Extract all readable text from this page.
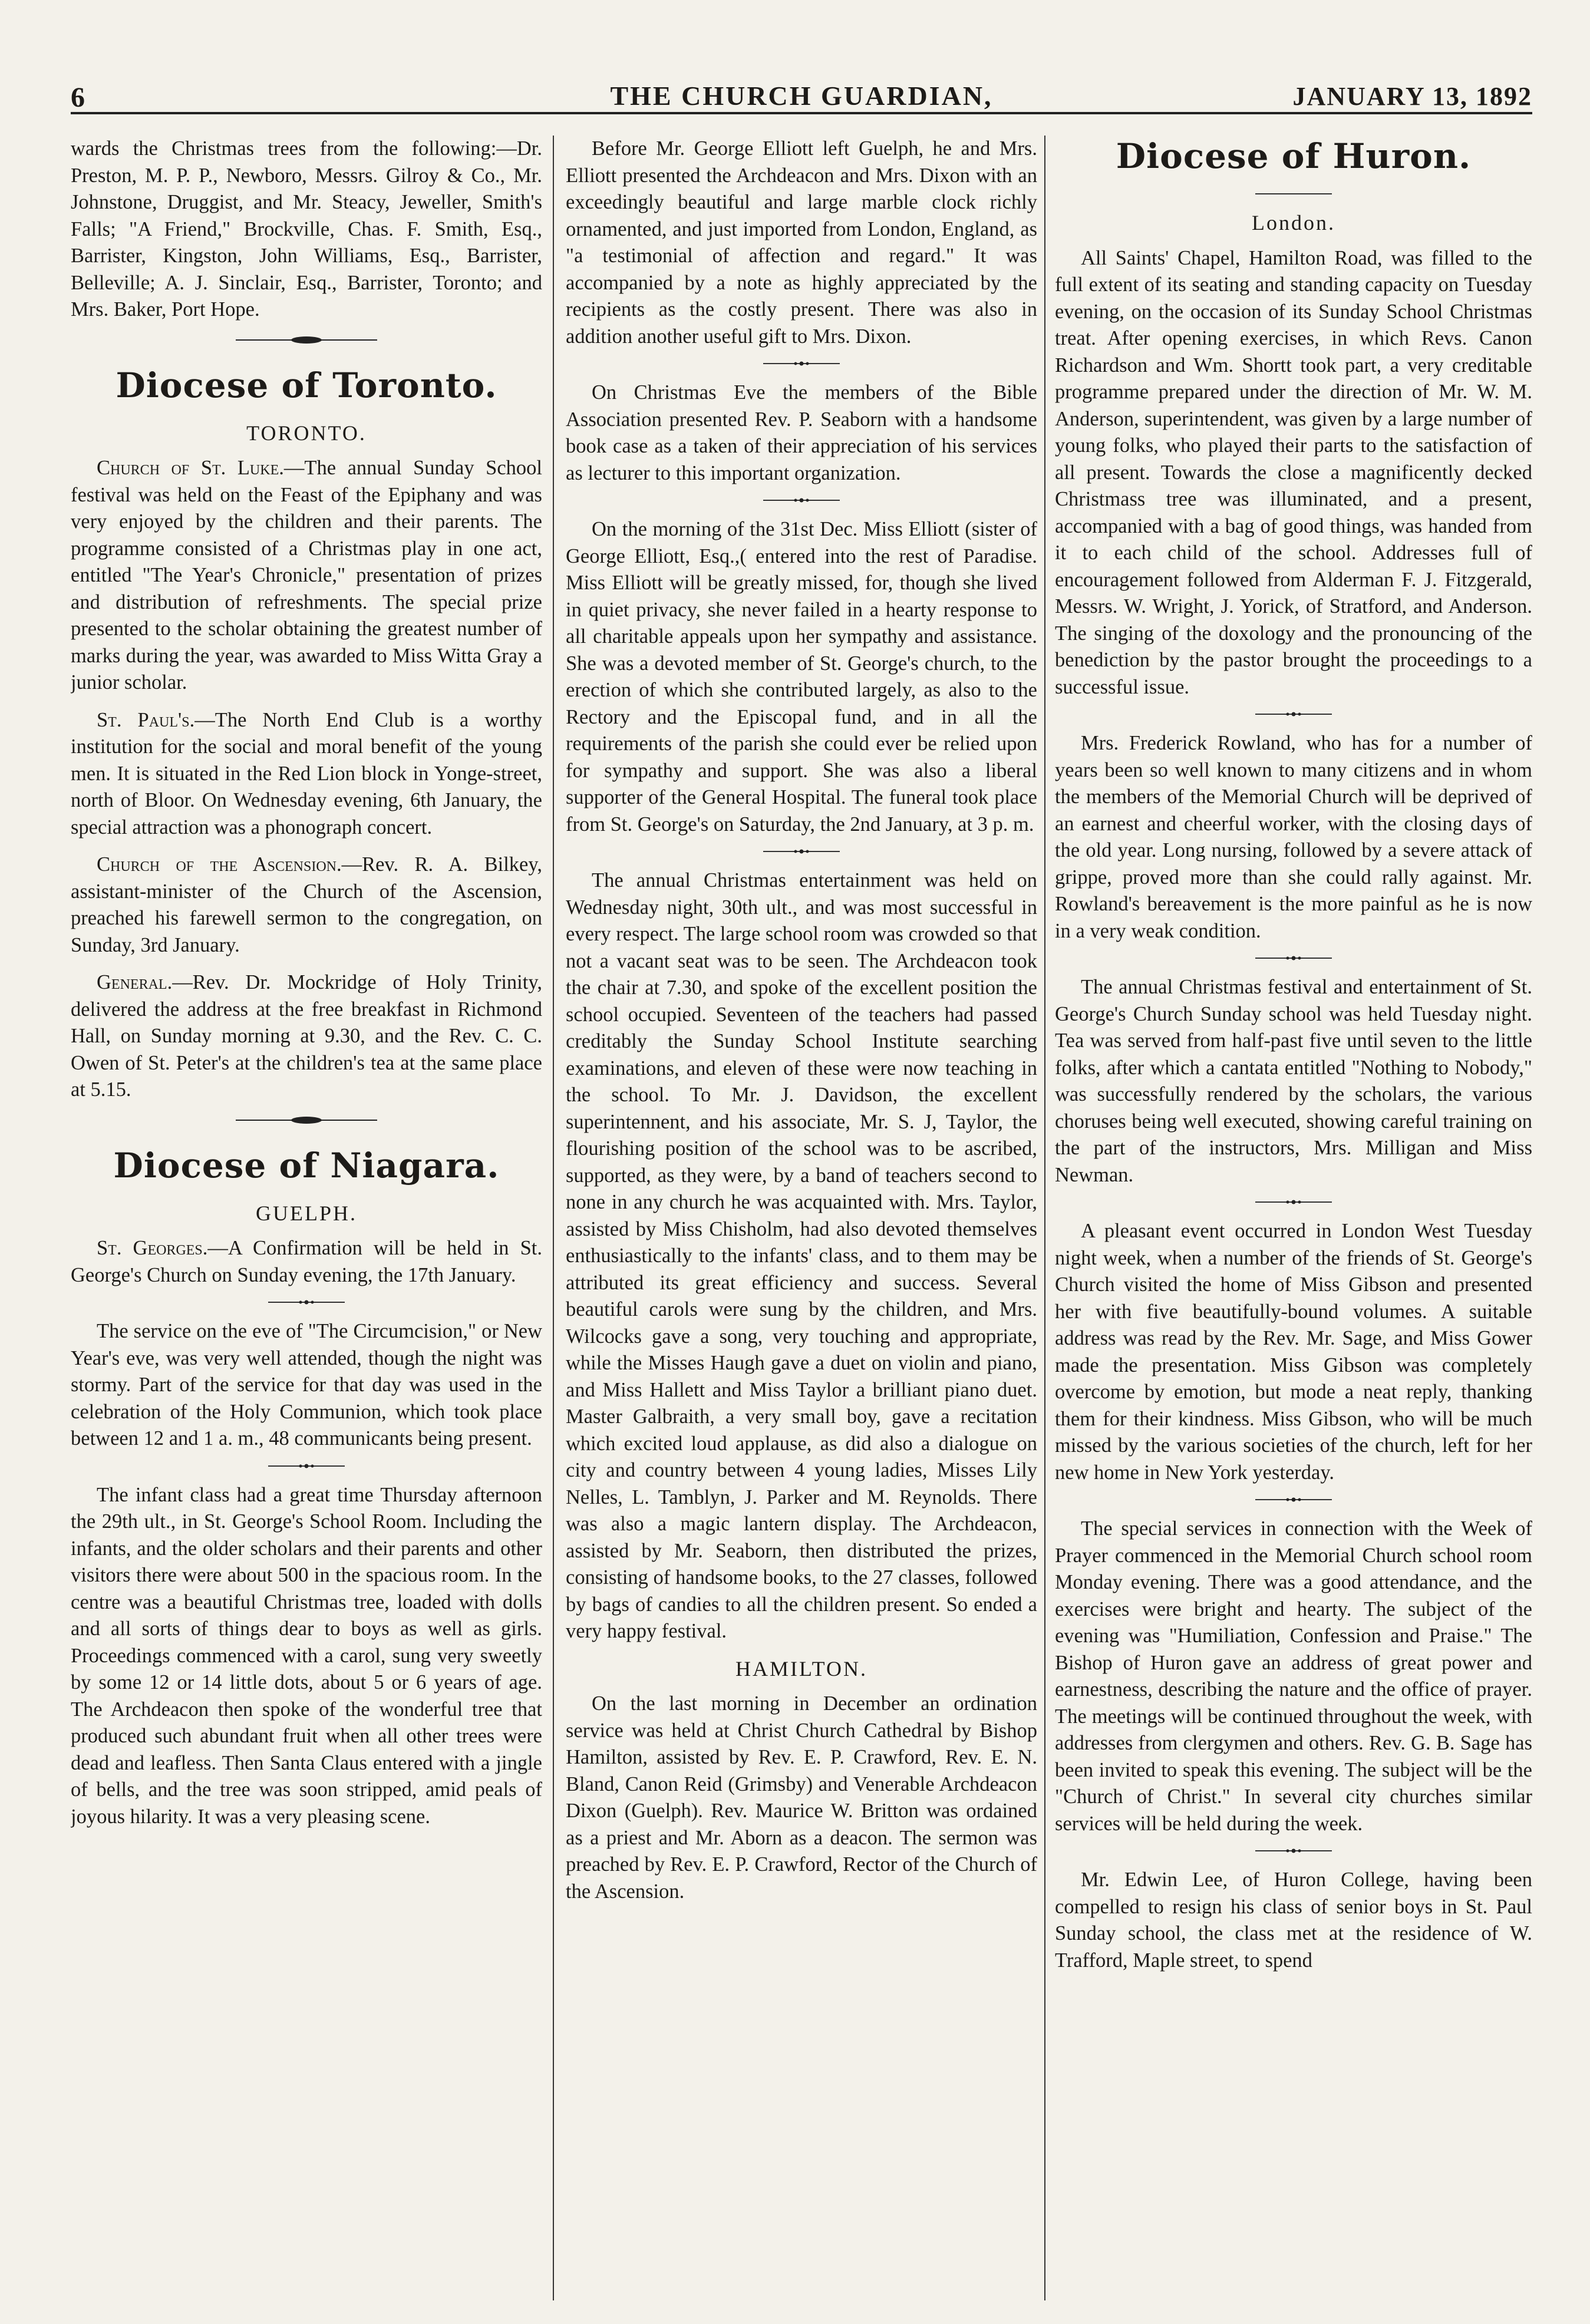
6	THE CHURCH GUARDIAN,	JANUARY 13, 1892

wards the Christmas trees from the following:—Dr. Preston, M. P. P., Newboro, Messrs. Gilroy & Co., Mr. Johnstone, Druggist, and Mr. Steacy, Jeweller, Smith's Falls; "A Friend," Brockville, Chas. F. Smith, Esq., Barrister, Kingston, John Williams, Esq., Barrister, Belleville; A. J. Sinclair, Esq., Barrister, Toronto; and Mrs. Baker, Port Hope.

Diocese of Toronto.
TORONTO.

Church of St. Luke.—The annual Sunday School festival was held on the Feast of the Epiphany and was very enjoyed by the children and their parents. The programme consisted of a Christmas play in one act, entitled "The Year's Chronicle," presentation of prizes and distribution of refreshments. The special prize presented to the scholar obtaining the greatest number of marks during the year, was awarded to Miss Witta Gray a junior scholar.

St. Paul's.—The North End Club is a worthy institution for the social and moral benefit of the young men. It is situated in the Red Lion block in Yonge-street, north of Bloor. On Wednesday evening, 6th January, the special attraction was a phonograph concert.

Church of the Ascension.—Rev. R. A. Bilkey, assistant-minister of the Church of the Ascension, preached his farewell sermon to the congregation, on Sunday, 3rd January.

General.—Rev. Dr. Mockridge of Holy Trinity, delivered the address at the free breakfast in Richmond Hall, on Sunday morning at 9.30, and the Rev. C. C. Owen of St. Peter's at the children's tea at the same place at 5.15.

Diocese of Niagara.
GUELPH.

St. Georges.—A Confirmation will be held in St. George's Church on Sunday evening, the 17th January.

The service on the eve of "The Circumcision," or New Year's eve, was very well attended, though the night was stormy. Part of the service for that day was used in the celebration of the Holy Communion, which took place between 12 and 1 a. m., 48 communicants being present.

The infant class had a great time Thursday afternoon the 29th ult., in St. George's School Room. Including the infants, and the older scholars and their parents and other visitors there were about 500 in the spacious room. In the centre was a beautiful Christmas tree, loaded with dolls and all sorts of things dear to boys as well as girls. Proceedings commenced with a carol, sung very sweetly by some 12 or 14 little dots, about 5 or 6 years of age. The Archdeacon then spoke of the wonderful tree that produced such abundant fruit when all other trees were dead and leafless. Then Santa Claus entered with a jingle of bells, and the tree was soon stripped, amid peals of joyous hilarity. It was a very pleasing scene.

Before Mr. George Elliott left Guelph, he and Mrs. Elliott presented the Archdeacon and Mrs. Dixon with an exceedingly beautiful and large marble clock richly ornamented, and just imported from London, England, as "a testimonial of affection and regard." It was accompanied by a note as highly appreciated by the recipients as the costly present. There was also in addition another useful gift to Mrs. Dixon.

On Christmas Eve the members of the Bible Association presented Rev. P. Seaborn with a handsome book case as a taken of their appreciation of his services as lecturer to this important organization.

On the morning of the 31st Dec. Miss Elliott (sister of George Elliott, Esq.,( entered into the rest of Paradise. Miss Elliott will be greatly missed, for, though she lived in quiet privacy, she never failed in a hearty response to all charitable appeals upon her sympathy and assistance. She was a devoted member of St. George's church, to the erection of which she contributed largely, as also to the Rectory and the Episcopal fund, and in all the requirements of the parish she could ever be relied upon for sympathy and support. She was also a liberal supporter of the General Hospital. The funeral took place from St. George's on Saturday, the 2nd January, at 3 p. m.

The annual Christmas entertainment was held on Wednesday night, 30th ult., and was most successful in every respect. The large school room was crowded so that not a vacant seat was to be seen. The Archdeacon took the chair at 7.30, and spoke of the excellent position the school occupied. Seventeen of the teachers had passed creditably the Sunday School Institute searching examinations, and eleven of these were now teaching in the school. To Mr. J. Davidson, the excellent superintennent, and his associate, Mr. S. J, Taylor, the flourishing position of the school was to be ascribed, supported, as they were, by a band of teachers second to none in any church he was acquainted with. Mrs. Taylor, assisted by Miss Chisholm, had also devoted themselves enthusiastically to the infants' class, and to them may be attributed its great efficiency and success. Several beautiful carols were sung by the children, and Mrs. Wilcocks gave a song, very touching and appropriate, while the Misses Haugh gave a duet on violin and piano, and Miss Hallett and Miss Taylor a brilliant piano duet. Master Galbraith, a very small boy, gave a recitation which excited loud applause, as did also a dialogue on city and country between 4 young ladies, Misses Lily Nelles, L. Tamblyn, J. Parker and M. Reynolds. There was also a magic lantern display. The Archdeacon, assisted by Mr. Seaborn, then distributed the prizes, consisting of handsome books, to the 27 classes, followed by bags of candies to all the children present. So ended a very happy festival.

HAMILTON.

On the last morning in December an ordination service was held at Christ Church Cathedral by Bishop Hamilton, assisted by Rev. E. P. Crawford, Rev. E. N. Bland, Canon Reid (Grimsby) and Venerable Archdeacon Dixon (Guelph). Rev. Maurice W. Britton was ordained as a priest and Mr. Aborn as a deacon. The sermon was preached by Rev. E. P. Crawford, Rector of the Church of the Ascension.

Diocese of Huron.
London.

All Saints' Chapel, Hamilton Road, was filled to the full extent of its seating and standing capacity on Tuesday evening, on the occasion of its Sunday School Christmas treat. After opening exercises, in which Revs. Canon Richardson and Wm. Shortt took part, a very creditable programme prepared under the direction of Mr. W. M. Anderson, superintendent, was given by a large number of young folks, who played their parts to the satisfaction of all present. Towards the close a magnificently decked Christmass tree was illuminated, and a present, accompanied with a bag of good things, was handed from it to each child of the school. Addresses full of encouragement followed from Alderman F. J. Fitzgerald, Messrs. W. Wright, J. Yorick, of Stratford, and Anderson. The singing of the doxology and the pronouncing of the benediction by the pastor brought the proceedings to a successful issue.

Mrs. Frederick Rowland, who has for a number of years been so well known to many citizens and in whom the members of the Memorial Church will be deprived of an earnest and cheerful worker, with the closing days of the old year. Long nursing, followed by a severe attack of grippe, proved more than she could rally against. Mr. Rowland's bereavement is the more painful as he is now in a very weak condition.

The annual Christmas festival and entertainment of St. George's Church Sunday school was held Tuesday night. Tea was served from half-past five until seven to the little folks, after which a cantata entitled "Nothing to Nobody," was successfully rendered by the scholars, the various choruses being well executed, showing careful training on the part of the instructors, Mrs. Milligan and Miss Newman.

A pleasant event occurred in London West Tuesday night week, when a number of the friends of St. George's Church visited the home of Miss Gibson and presented her with five beautifully-bound volumes. A suitable address was read by the Rev. Mr. Sage, and Miss Gower made the presentation. Miss Gibson was completely overcome by emotion, but mode a neat reply, thanking them for their kindness. Miss Gibson, who will be much missed by the various societies of the church, left for her new home in New York yesterday.

The special services in connection with the Week of Prayer commenced in the Memorial Church school room Monday evening. There was a good attendance, and the exercises were bright and hearty. The subject of the evening was "Humiliation, Confession and Praise." The Bishop of Huron gave an address of great power and earnestness, describing the nature and the office of prayer. The meetings will be continued throughout the week, with addresses from clergymen and others. Rev. G. B. Sage has been invited to speak this evening. The subject will be the "Church of Christ." In several city churches similar services will be held during the week.

Mr. Edwin Lee, of Huron College, having been compelled to resign his class of senior boys in St. Paul Sunday school, the class met at the residence of W. Trafford, Maple street, to spend
